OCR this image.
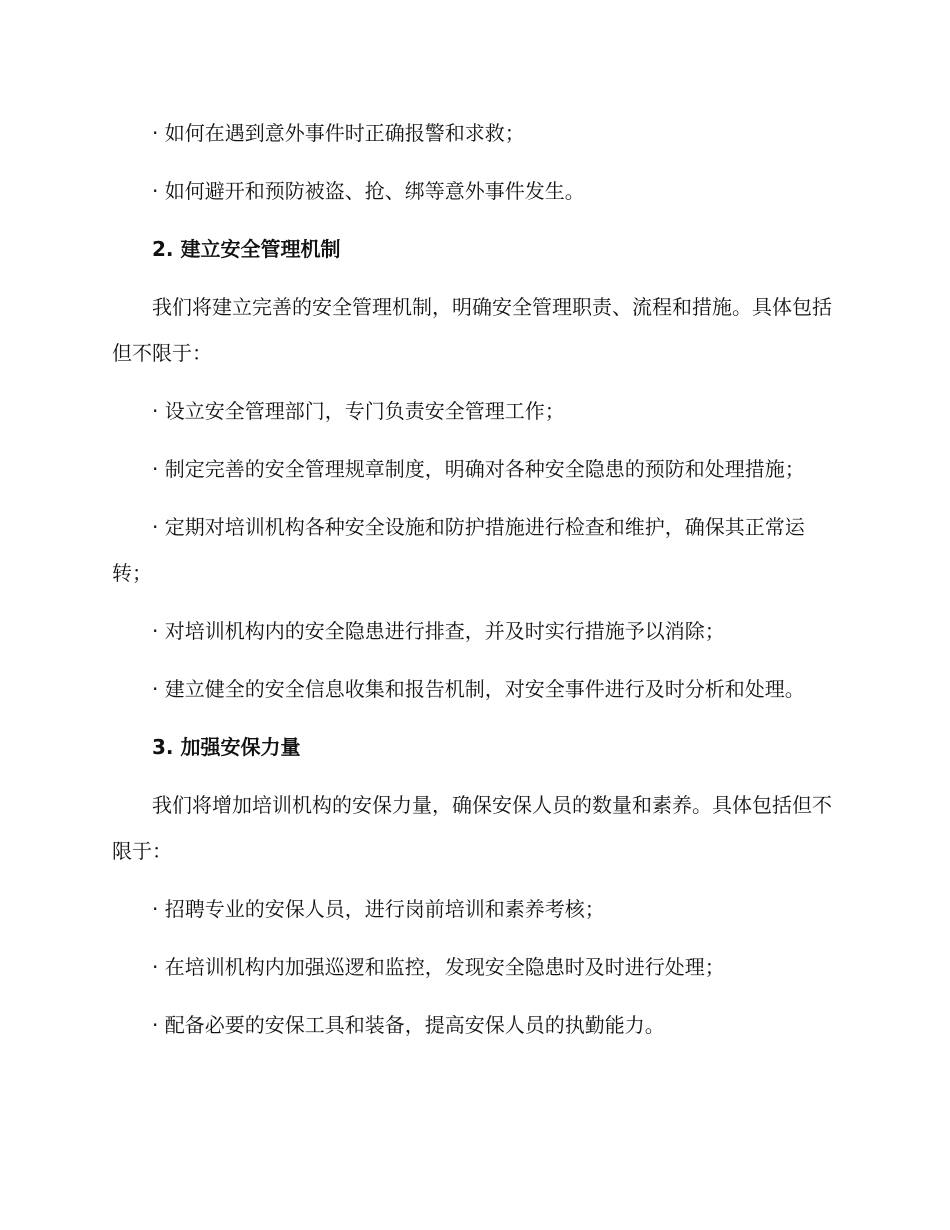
· 如何在遇到意外事件时正确报警和求救；

· 如何避开和预防被盗、抢、绑等意外事件发生。

2. 建立安全管理机制

我们将建立完善的安全管理机制，明确安全管理职责、流程和措施。具体包括但不限于：

· 设立安全管理部门，专门负责安全管理工作；

· 制定完善的安全管理规章制度，明确对各种安全隐患的预防和处理措施；

· 定期对培训机构各种安全设施和防护措施进行检查和维护，确保其正常运转；

· 对培训机构内的安全隐患进行排查，并及时实行措施予以消除；

· 建立健全的安全信息收集和报告机制，对安全事件进行及时分析和处理。

3. 加强安保力量

我们将增加培训机构的安保力量，确保安保人员的数量和素养。具体包括但不限于：

· 招聘专业的安保人员，进行岗前培训和素养考核；

· 在培训机构内加强巡逻和监控，发现安全隐患时及时进行处理；

· 配备必要的安保工具和装备，提高安保人员的执勤能力。
